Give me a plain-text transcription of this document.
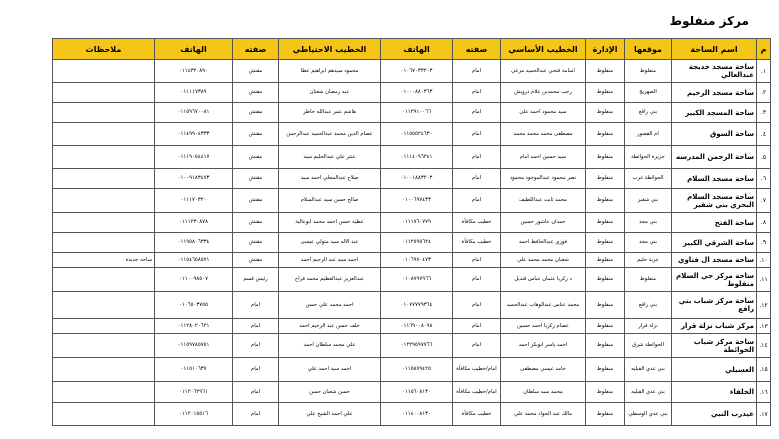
مركز منفلوط
م	اسم الساحة	موقعها	الإدارة	الخطيب الأساسي	صفته	الهاتف	الخطيب الاحتياطي	صفته	الهاتف	ملاحظات
١.	ساحة مسجد خديجة عبدالعالي	منفلوط	منفلوط	اسامة فتحي عبدالحميد مرعي	امام	٠١٠٦٧٠٣٣٢٠٣	محمود سيدهم ابراهيم عطا	مفتش	٠١١٤٣٢٠٨٩٠	
٢.	ساحة مسجد الرحيم	الصهريج	منفلوط	رجب محمدين علام درويش	امام	٠١٠٠٠٨٨٠٣٦٣	عبد رمضان شعبان	مفتش	٠١١١١٧٣٨٩	
٣.	ساحة المسجد الكبير	بني رافع	منفلوط	سيد محمود احمد علي	امام	٠١١٢٩١٠٠٦٦	هاشم عمر عبدالله خاطر	مفتش	٠١١٥٩٦٧٠٠٨١	
٤.	ساحة السوق	ام القصور	منفلوط	مصطفى محمد محمد محمد	امام	٠١١٥٥٥٢٤٦٣٠	عصام الدين محمد عبدالحميد عبدالرحمن	مفتش	٠١١٤٩٩٠٤٣٣٣	
٥.	ساحة الرحمن المدرسه	جزيرة الحوائطة	منفلوط	سيد حسين احمد امام	امام	٠١١١٤٠٩٦٢٤١	عنتر علي عبدالحليم سيد	مفتش	٠١١١٩٠٥٤٤١٧	
٦.	ساحة مسجد السلام	الحوائطة غرب	منفلوط	نصر محمود عبدالموجود محمود	امام	٠١٠٠١٨٨٣٢٠٣	صلاح عبدالمجلي احمد سيد	مفتش	٠١٠٠٩١٨٣٤٧٣	
٧.	ساحة مسجد السلام البحري بني شقير	بني شقير	منفلوط	محمد ثابت عبداللطيف	امام	٠١٠٠٦٩٧٤٣٣	صالح حسن سيد عبدالسلام	مفتش	٠١١١٧٠٣٢٠	
٨.	ساحة الفتح	بني مجد	منفلوط	حمدان عاشور حسين	خطيب مكافأة	٠١١١٧٦٠٧٧٩	عطية حسن احمد محمد ابوعالية	مفتش	٠١١١٢٣٠٨٧٨	
٩.	ساحة الشرقي الكبير	بني مجد	منفلوط	فوزي عبدالحافظ احمد	خطيب مكافأة	٠١١٢٥٩٥٦٢٤	عبد الاله سيد متولي عيسى	مفتش	٠١١٩٥٨٠٦٣٣٤	
١٠.	ساحة مسجد ال فتاوي	عزبة حليم	منفلوط	شعبان محمد محمد علي	امام	٠١٠٦٩٧٠٤٧٣	احمد سيد عبد الرحيم احمد	مفتش	٠١١٥٤٦٥٨٥٧١	ساحة جديدة
١١.	ساحة مركز حي السلام منفلوط	منفلوط	منفلوط	د زكريا عثمان عباس قنديل	امام	٠١٠٨٧٩٧٩٦٦	عبدالعزيز عبدالعظيم محمد فراج	رئيس قسم	٠١١٠٠٩٨٥٠٧	
١٢.	ساحة مركز شباب بني رافع	بني رافع	منفلوط	محمد عباس عبدالوهاب عبدالحميد	امام	٠١٠٧٧٧٧٩٣٦٤	احمد محمد علي حسن	امام	٠١٠٦٥٠٣٧٥٥	
١٣.	مركز شباب نزلة قرار	نزلة قرار	منفلوط	عصام زكريا احمد حسين	امام	٠١١٦٩٠٠٨٠٩٨	خلف حسن عبد الرحيم احمد	امام	٠١١٢٨٠٢٠٦٢١	
١٤.	ساحة مركز شباب الحوائطة	الحوائطة شرق	منفلوط	احمد ياسر ابوبكر احمد	امام	٠١٢٢٩٥٩٧٧٦٦	علي محمد سلطان احمد	امام	٠١١٥٩٧٨٥٧٥١	
١٥.	العسيلي	بني عدي القبليه	منفلوط	حامد عيسي مصطفى	امام/خطيب مكافأة	٠١١٥٨٧٩٤٢٥	احمد سيد احمد علي	امام	٠١١٥١٠٦٣٧	
١٦.	الخلفاء	بني عدي القبليه	منفلوط	محمد سيد سلطان	امام/خطيب مكافأة	٠١١٥٦٠٨١٣٠	حسن شعبان حسن	امام	٠١١٢٠٦٢٩٦١	
١٧.	عيدرب النبي	بني عدي الوسطي	منفلوط	مالك عبد الجواد محمد علي	خطيب مكافأة	٠١١٤٠٠٨١٣٠	علي احمد الشيخ علي	امام	٠١١٢٠١٥٥١٦	
